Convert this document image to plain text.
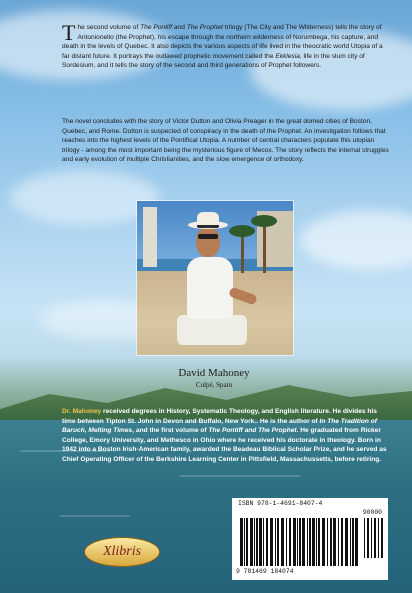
The second volume of The Pontiff and The Prophet trilogy (The City and The Wilderness) tells the story of Antonionello (the Prophet), his escape through the northern wilderness of Norumbega, his capture, and death in the levels of Quebec. It also depicts the various aspects of life lived in the theocratic world Utopia of a far distant future. It portrays the outlawed prophetic movement called the Ekklesia, life in the slum city of Sordesium, and it tells the story of the second and third generations of Prophet followers.

The novel concludes with the story of Victor Dutton and Olivia Preager in the great domed cities of Boston, Quebec, and Rome. Dutton is suspected of conspiracy in the death of the Prophet. An investigation follows that reaches into the highest levels of the Pontifical Utopia. A number of central characters populate this utopian trilogy - among the most important being the mysterious figure of Mecox. The story reflects the internal struggles and early evolution of multiple Christianities, and the slow emergence of orthodoxy.

David Mahoney
Culpé, Spain

Dr. Mahoney received degrees in History, Systematic Theology, and English literature. He divides his time between Tipton St. John in Devon and Buffalo, New York.. He is the author of In The Tradition of Baruch, Melting Times, and the first volume of The Pontiff and The Prophet. He graduated from Ricker College, Emory University, and Methesco in Ohio where he received his doctorate in theology. Born in 1942 into a Boston Irish-American family, awarded the Beadeau Biblical Scholar Prize, and he served as Chief Operating Officer of the Berkshire Learning Center in Pittsfield, Massachussetts, before retiring.

Xlibris
ISBN 978-1-4691-8407-4
90000
9 781469 184074
